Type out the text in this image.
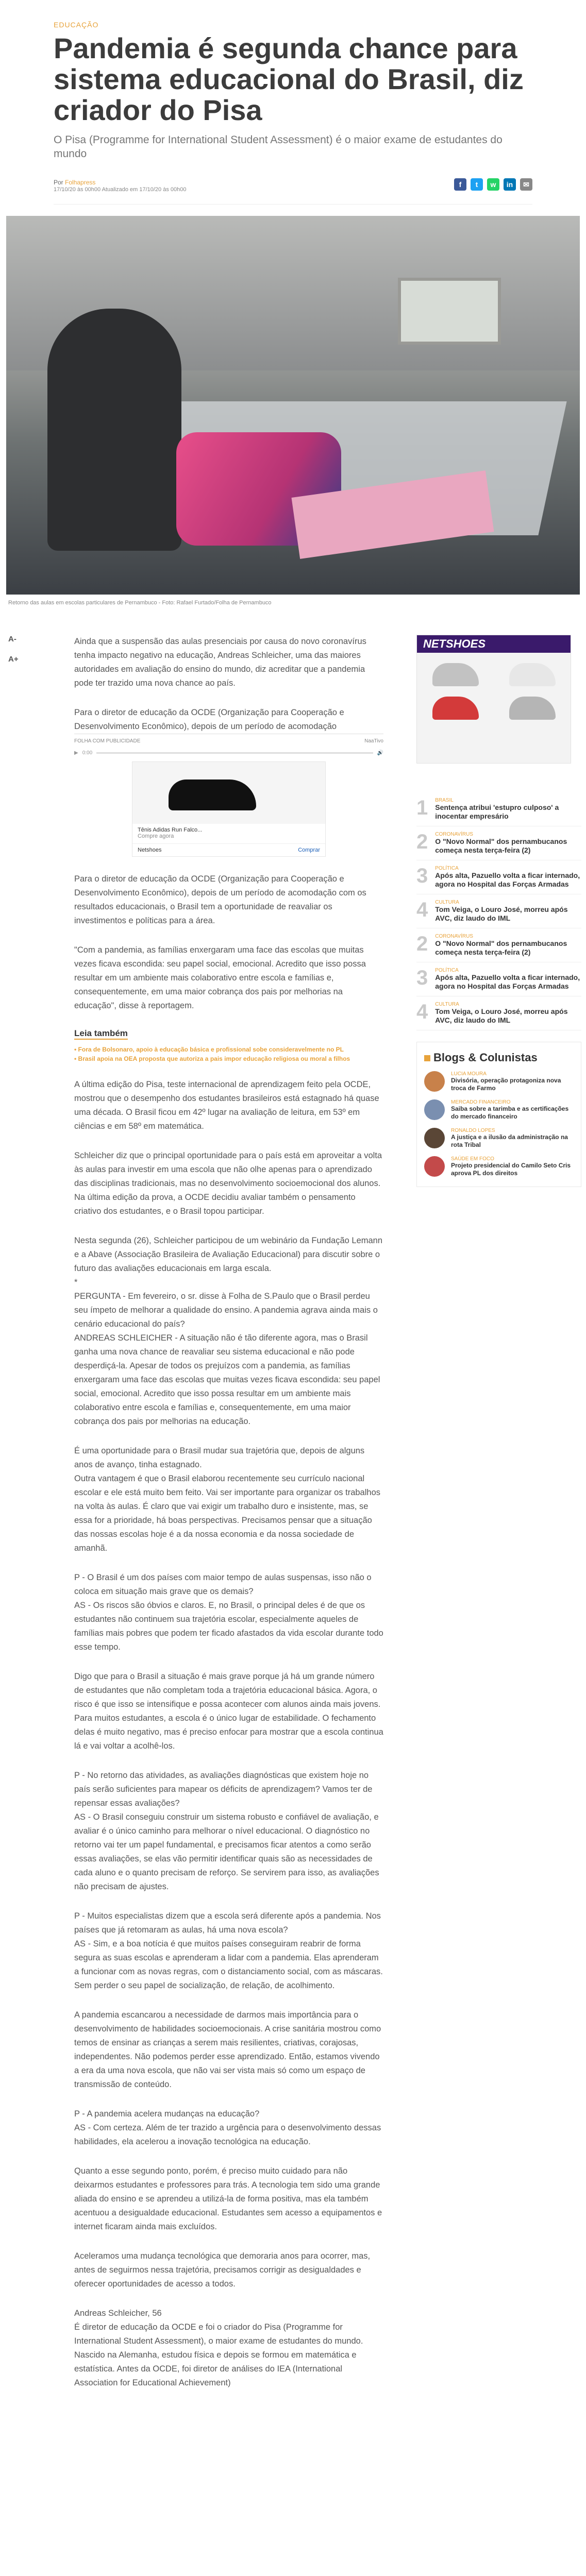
EDUCAÇÃO
Pandemia é segunda chance para sistema educacional do Brasil, diz criador do Pisa
O Pisa (Programme for International Student Assessment) é o maior exame de estudantes do mundo
Por Folhapress
17/10/20 às 00h00 Atualizado em 17/10/20 às 00h00
f	t	w	in	✉
Retorno das aulas em escolas particulares de Pernambuco - Foto: Rafael Furtado/Folha de Pernambuco
A-
A+

Ainda que a suspensão das aulas presenciais por causa do novo coronavírus tenha impacto negativo na educação, Andreas Schleicher, uma das maiores autoridades em avaliação do ensino do mundo, diz acreditar que a pandemia pode ter trazido uma nova chance ao país.

Para o diretor de educação da OCDE (Organização para Cooperação e Desenvolvimento Econômico), depois de um período de acomodação

FOLHA COM PUBLICIDADE	NaaTivo
▶ 0:00	🔊
Tênis Adidas Run Falco...
Compre agora
Netshoes	Comprar

Para o diretor de educação da OCDE (Organização para Cooperação e Desenvolvimento Econômico), depois de um período de acomodação com os resultados educacionais, o Brasil tem a oportunidade de reavaliar os investimentos e políticas para a área.

"Com a pandemia, as famílias enxergaram uma face das escolas que muitas vezes ficava escondida: seu papel social, emocional. Acredito que isso possa resultar em um ambiente mais colaborativo entre escola e famílias e, consequentemente, em uma maior cobrança dos pais por melhorias na educação", disse à reportagem.

Leia também
• Fora de Bolsonaro, apoio à educação básica e profissional sobe consideravelmente no PL
• Brasil apoia na OEA proposta que autoriza a pais impor educação religiosa ou moral a filhos

A última edição do Pisa, teste internacional de aprendizagem feito pela OCDE, mostrou que o desempenho dos estudantes brasileiros está estagnado há quase uma década. O Brasil ficou em 42º lugar na avaliação de leitura, em 53º em ciências e em 58º em matemática.

Schleicher diz que o principal oportunidade para o país está em aproveitar a volta às aulas para investir em uma escola que não olhe apenas para o aprendizado das disciplinas tradicionais, mas no desenvolvimento socioemocional dos alunos. Na última edição da prova, a OCDE decidiu avaliar também o pensamento criativo dos estudantes, e o Brasil topou participar.

Nesta segunda (26), Schleicher participou de um webinário da Fundação Lemann e a Abave (Associação Brasileira de Avaliação Educacional) para discutir sobre o futuro das avaliações educacionais em larga escala.

*

PERGUNTA - Em fevereiro, o sr. disse à Folha de S.Paulo que o Brasil perdeu seu ímpeto de melhorar a qualidade do ensino. A pandemia agrava ainda mais o cenário educacional do país?

ANDREAS SCHLEICHER - A situação não é tão diferente agora, mas o Brasil ganha uma nova chance de reavaliar seu sistema educacional e não pode desperdiçá-la. Apesar de todos os prejuízos com a pandemia, as famílias enxergaram uma face das escolas que muitas vezes ficava escondida: seu papel social, emocional. Acredito que isso possa resultar em um ambiente mais colaborativo entre escola e famílias e, consequentemente, em uma maior cobrança dos pais por melhorias na educação.

É uma oportunidade para o Brasil mudar sua trajetória que, depois de alguns anos de avanço, tinha estagnado.

Outra vantagem é que o Brasil elaborou recentemente seu currículo nacional escolar e ele está muito bem feito. Vai ser importante para organizar os trabalhos na volta às aulas. É claro que vai exigir um trabalho duro e insistente, mas, se essa for a prioridade, há boas perspectivas. Precisamos pensar que a situação das nossas escolas hoje é a da nossa economia e da nossa sociedade de amanhã.

P - O Brasil é um dos países com maior tempo de aulas suspensas, isso não o coloca em situação mais grave que os demais?

AS - Os riscos são óbvios e claros. E, no Brasil, o principal deles é de que os estudantes não continuem sua trajetória escolar, especialmente aqueles de famílias mais pobres que podem ter ficado afastados da vida escolar durante todo esse tempo.

Digo que para o Brasil a situação é mais grave porque já há um grande número de estudantes que não completam toda a trajetória educacional básica. Agora, o risco é que isso se intensifique e possa acontecer com alunos ainda mais jovens.

Para muitos estudantes, a escola é o único lugar de estabilidade. O fechamento delas é muito negativo, mas é preciso enfocar para mostrar que a escola continua lá e vai voltar a acolhê-los.

P - No retorno das atividades, as avaliações diagnósticas que existem hoje no país serão suficientes para mapear os déficits de aprendizagem? Vamos ter de repensar essas avaliações?

AS - O Brasil conseguiu construir um sistema robusto e confiável de avaliação, e avaliar é o único caminho para melhorar o nível educacional. O diagnóstico no retorno vai ter um papel fundamental, e precisamos ficar atentos a como serão essas avaliações, se elas vão permitir identificar quais são as necessidades de cada aluno e o quanto precisam de reforço. Se servirem para isso, as avaliações não precisam de ajustes.

P - Muitos especialistas dizem que a escola será diferente após a pandemia. Nos países que já retomaram as aulas, há uma nova escola?

AS - Sim, e a boa notícia é que muitos países conseguiram reabrir de forma segura as suas escolas e aprenderam a lidar com a pandemia. Elas aprenderam a funcionar com as novas regras, com o distanciamento social, com as máscaras. Sem perder o seu papel de socialização, de relação, de acolhimento.

A pandemia escancarou a necessidade de darmos mais importância para o desenvolvimento de habilidades socioemocionais. A crise sanitária mostrou como temos de ensinar as crianças a serem mais resilientes, criativas, corajosas, independentes. Não podemos perder esse aprendizado. Então, estamos vivendo a era da uma nova escola, que não vai ser vista mais só como um espaço de transmissão de conteúdo.

P - A pandemia acelera mudanças na educação?

AS - Com certeza. Além de ter trazido a urgência para o desenvolvimento dessas habilidades, ela acelerou a inovação tecnológica na educação.

Quanto a esse segundo ponto, porém, é preciso muito cuidado para não deixarmos estudantes e professores para trás. A tecnologia tem sido uma grande aliada do ensino e se aprendeu a utilizá-la de forma positiva, mas ela também acentuou a desigualdade educacional. Estudantes sem acesso a equipamentos e internet ficaram ainda mais excluídos.

Aceleramos uma mudança tecnológica que demoraria anos para ocorrer, mas, antes de seguirmos nessa trajetória, precisamos corrigir as desigualdades e oferecer oportunidades de acesso a todos.

Andreas Schleicher, 56

É diretor de educação da OCDE e foi o criador do Pisa (Programme for International Student Assessment), o maior exame de estudantes do mundo. Nascido na Alemanha, estudou física e depois se formou em matemática e estatística. Antes da OCDE, foi diretor de análises do IEA (International Association for Educational Achievement)

NETSHOES
1 BRASIL
Sentença atribui 'estupro culposo' a inocentar empresário
2 CORONAVÍRUS
O "Novo Normal" dos pernambucanos começa nesta terça-feira (2)
3 POLÍTICA
Após alta, Pazuello volta a ficar internado, agora no Hospital das Forças Armadas
4 CULTURA
Tom Veiga, o Louro José, morreu após AVC, diz laudo do IML
2 CORONAVÍRUS
O "Novo Normal" dos pernambucanos começa nesta terça-feira (2)
3 POLÍTICA
Após alta, Pazuello volta a ficar internado, agora no Hospital das Forças Armadas
4 CULTURA
Tom Veiga, o Louro José, morreu após AVC, diz laudo do IML
Blogs & Colunistas
LUCIA MOURA
Divisória, operação protagoniza nova troca de Farmo
MERCADO FINANCEIRO
Saiba sobre a tarimba e as certificações do mercado financeiro
RONALDO LOPES
A justiça e a ilusão da administração na rota Tribal
SAÚDE EM FOCO
Projeto presidencial do Camilo Seto Cris aprova PL dos direitos
